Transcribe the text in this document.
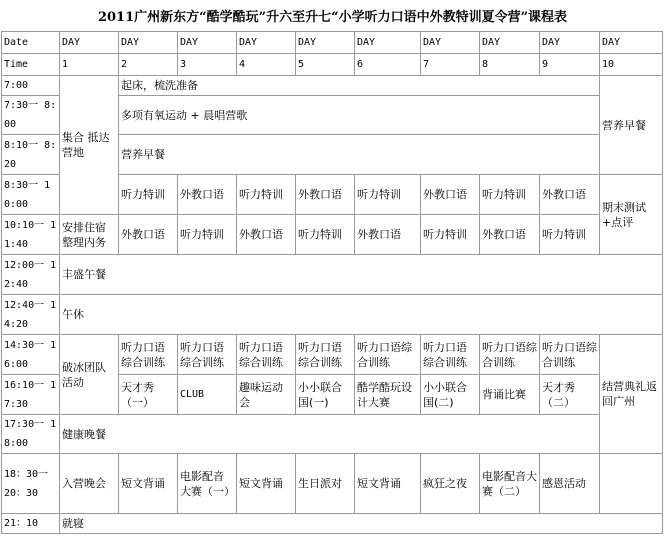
2011广州新东方“酷学酷玩”升六至升七“小学听力口语中外教特训夏令营”课程表
Date	DAY	DAY	DAY	DAY	DAY	DAY	DAY	DAY	DAY	DAY
Time	1	2	3	4	5	6	7	8	9	10
7:00	集合 抵达营地	起床，梳洗准备								营养早餐
7:30一 8:00		多项有氧运动 + 晨唱营歌								
8:10一 8:20		营养早餐								
8:30一 10:00		听力特训	外教口语	听力特训	外教口语	听力特训	外教口语	听力特训	外教口语	期末测试+点评
10:10一 11:40	安排住宿整理内务	外教口语	听力特训	外教口语	听力特训	外教口语	听力特训	外教口语	听力特训	
12:00一 12:40	丰盛午餐									
12:40一 14:20	午休									
14:30一 16:00	破冰团队活动	听力口语综合训练	听力口语综合训练	听力口语综合训练	听力口语综合训练	听力口语综合训练	听力口语综合训练	听力口语综合训练	听力口语综合训练	结营典礼返回广州
16:10一 17:30		天才秀（一）	CLUB	趣味运动会	小小联合国(一)	酷学酷玩设计大赛	小小联合国(二)	背诵比赛	天才秀（二）	
17:30一 18:00	健康晚餐									
18：30一 20：30	入营晚会	短文背诵	电影配音大赛（一）	短文背诵	生日派对	短文背诵	疯狂之夜	电影配音大赛（二）	感恩活动	
21：10	就寝									
